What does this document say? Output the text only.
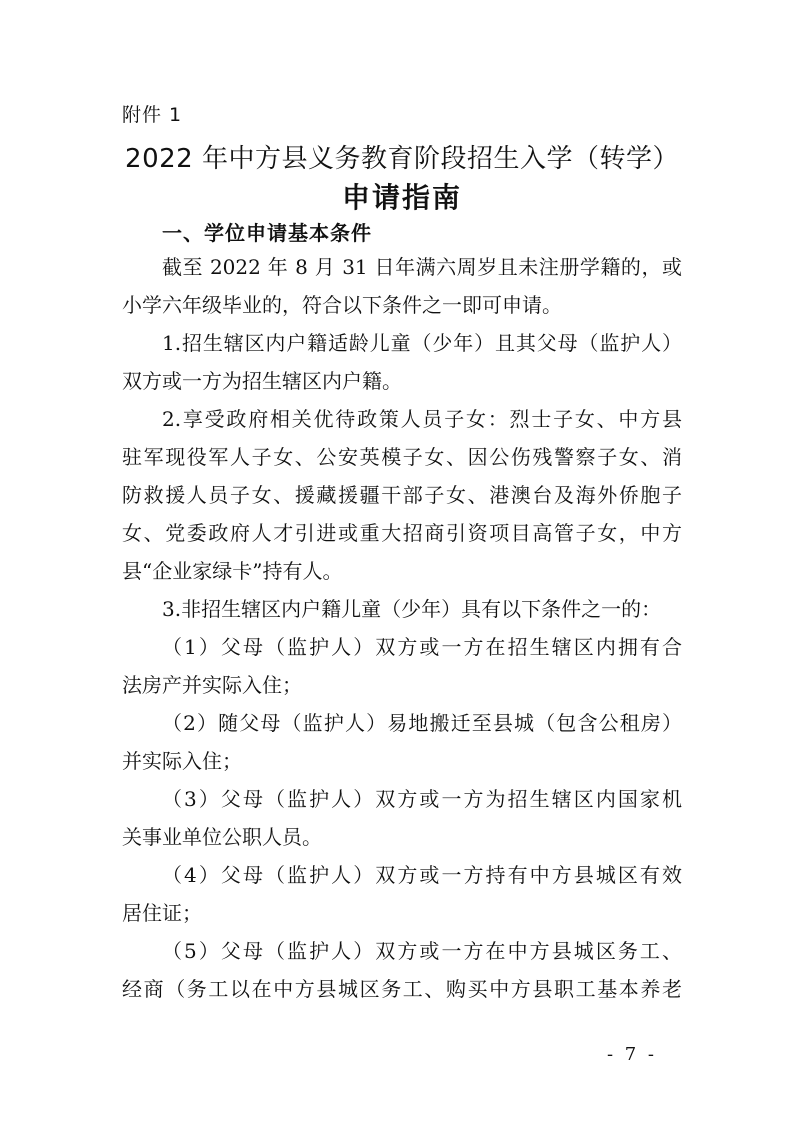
附件 1
2022 年中方县义务教育阶段招生入学（转学）
申请指南
一、学位申请基本条件
截至 2022 年 8 月 31 日年满六周岁且未注册学籍的，或
小学六年级毕业的，符合以下条件之一即可申请。
1.招生辖区内户籍适龄儿童（少年）且其父母（监护人）
双方或一方为招生辖区内户籍。
2.享受政府相关优待政策人员子女：烈士子女、中方县
驻军现役军人子女、公安英模子女、因公伤残警察子女、消
防救援人员子女、援藏援疆干部子女、港澳台及海外侨胞子
女、党委政府人才引进或重大招商引资项目高管子女，中方
县“企业家绿卡”持有人。
3.非招生辖区内户籍儿童（少年）具有以下条件之一的：
（1）父母（监护人）双方或一方在招生辖区内拥有合
法房产并实际入住；
（2）随父母（监护人）易地搬迁至县城（包含公租房）
并实际入住；
（3）父母（监护人）双方或一方为招生辖区内国家机
关事业单位公职人员。
（4）父母（监护人）双方或一方持有中方县城区有效
居住证；
（5）父母（监护人）双方或一方在中方县城区务工、
经商（务工以在中方县城区务工、购买中方县职工基本养老
- 7 -
